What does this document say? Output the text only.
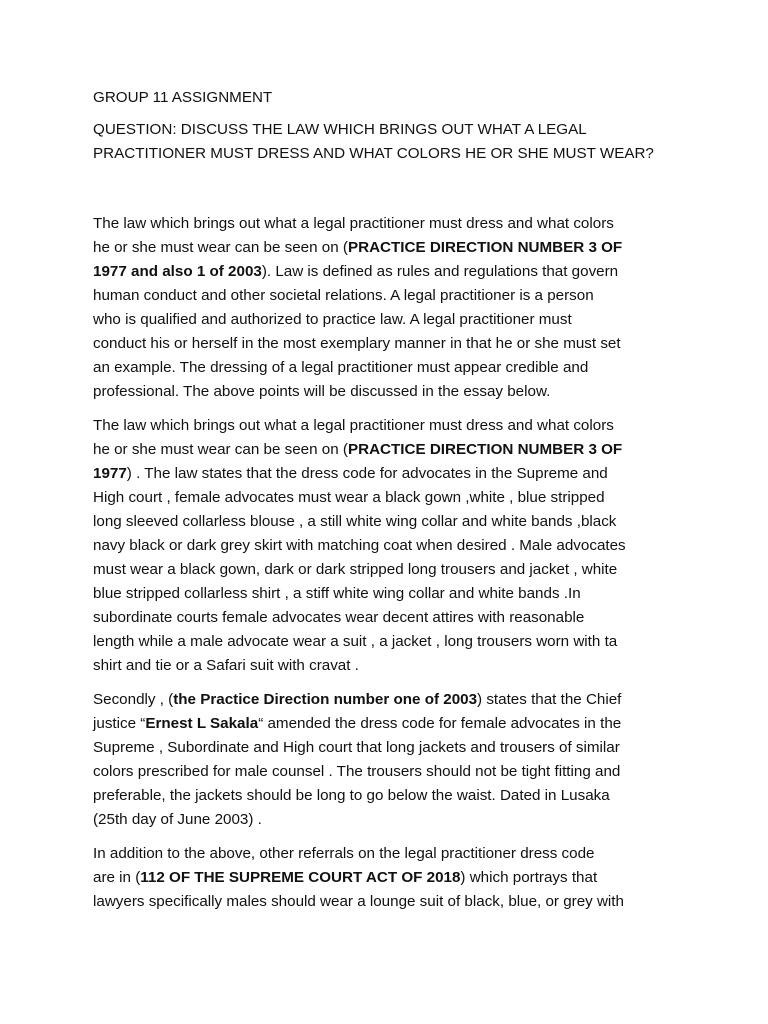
GROUP 11 ASSIGNMENT
QUESTION: DISCUSS THE LAW WHICH BRINGS OUT WHAT A LEGAL
PRACTITIONER MUST DRESS AND WHAT COLORS HE OR SHE MUST WEAR?
The law which brings out what a legal practitioner must dress and what colors
he or she must wear can be seen on (PRACTICE DIRECTION NUMBER 3 OF
1977 and also 1 of 2003). Law is defined as rules and regulations that govern
human conduct and other societal relations. A legal practitioner is a person
who is qualified and authorized to practice law. A legal practitioner must
conduct his or herself in the most exemplary manner in that he or she must set
an example. The dressing of a legal practitioner must appear credible and
professional. The above points will be discussed in the essay below.
The law which brings out what a legal practitioner must dress and what colors
he or she must wear can be seen on (PRACTICE DIRECTION NUMBER 3 OF
1977) . The law states that the dress code for advocates in the Supreme and
High court , female advocates must wear a black gown ,white , blue stripped
long sleeved collarless blouse , a still white wing collar and white bands ,black
navy black or dark grey skirt with matching coat when desired . Male advocates
must wear a black gown, dark or dark stripped long trousers and jacket , white
blue stripped collarless shirt , a stiff white wing collar and white bands .In
subordinate courts female advocates wear decent attires with reasonable
length while a male advocate wear a suit , a jacket , long trousers worn with ta
shirt and tie or a Safari suit with cravat .
Secondly , (the Practice Direction number one of 2003) states that the Chief
justice “Ernest L Sakala“ amended the dress code for female advocates in the
Supreme , Subordinate and High court that long jackets and trousers of similar
colors prescribed for male counsel . The trousers should not be tight fitting and
preferable, the jackets should be long to go below the waist. Dated in Lusaka
(25th day of June 2003) .
In addition to the above, other referrals on the legal practitioner dress code
are in (112 OF THE SUPREME COURT ACT OF 2018) which portrays that
lawyers specifically males should wear a lounge suit of black, blue, or grey with
